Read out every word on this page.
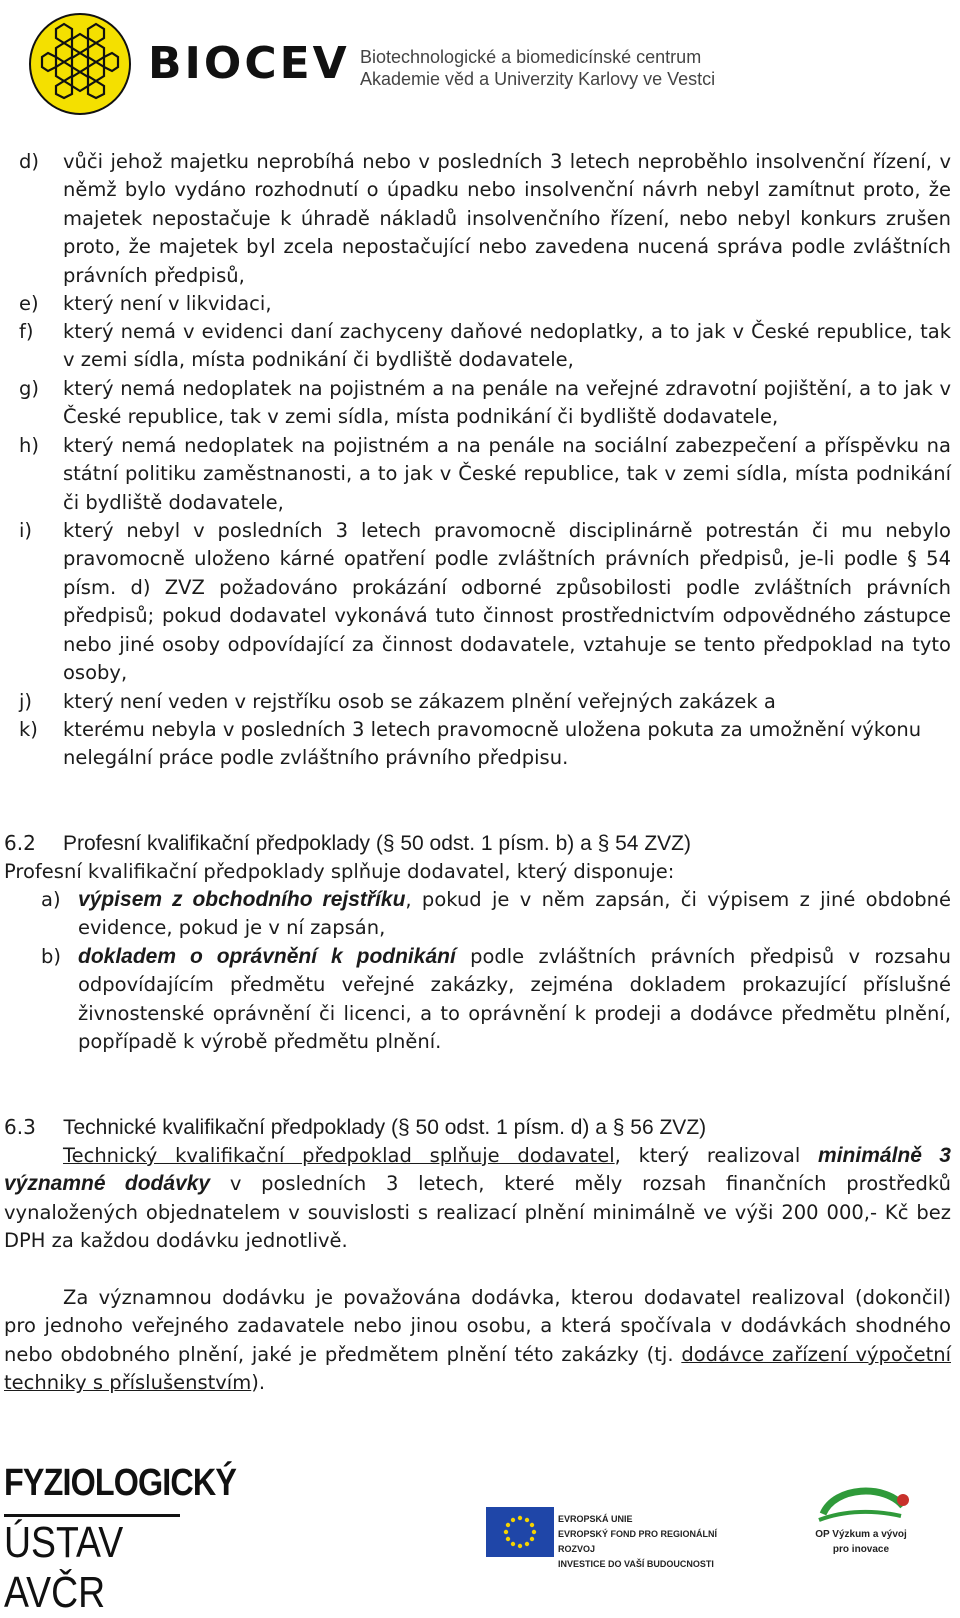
BIOCEV Biotechnologické a biomedicínské centrum
Akademie věd a Univerzity Karlovy ve Vestci
d) vůči jehož majetku neprobíhá nebo v posledních 3 letech neproběhlo insolvenční řízení, v němž bylo vydáno rozhodnutí o úpadku nebo insolvenční návrh nebyl zamítnut proto, že majetek nepostačuje k úhradě nákladů insolvenčního řízení, nebo nebyl konkurs zrušen proto, že majetek byl zcela nepostačující nebo zavedena nucená správa podle zvláštních právních předpisů,
e) který není v likvidaci,
f) který nemá v evidenci daní zachyceny daňové nedoplatky, a to jak v České republice, tak v zemi sídla, místa podnikání či bydliště dodavatele,
g) který nemá nedoplatek na pojistném a na penále na veřejné zdravotní pojištění, a to jak v České republice, tak v zemi sídla, místa podnikání či bydliště dodavatele,
h) který nemá nedoplatek na pojistném a na penále na sociální zabezpečení a příspěvku na státní politiku zaměstnanosti, a to jak v České republice, tak v zemi sídla, místa podnikání či bydliště dodavatele,
i) který nebyl v posledních 3 letech pravomocně disciplinárně potrestán či mu nebylo pravomocně uloženo kárné opatření podle zvláštních právních předpisů, je-li podle § 54 písm. d) ZVZ požadováno prokázání odborné způsobilosti podle zvláštních právních předpisů; pokud dodavatel vykonává tuto činnost prostřednictvím odpovědného zástupce nebo jiné osoby odpovídající za činnost dodavatele, vztahuje se tento předpoklad na tyto osoby,
j) který není veden v rejstříku osob se zákazem plnění veřejných zakázek a
k) kterému nebyla v posledních 3 letech pravomocně uložena pokuta za umožnění výkonu nelegální práce podle zvláštního právního předpisu.
6.2 Profesní kvalifikační předpoklady (§ 50 odst. 1 písm. b) a § 54 ZVZ)
Profesní kvalifikační předpoklady splňuje dodavatel, který disponuje:
a) výpisem z obchodního rejstříku, pokud je v něm zapsán, či výpisem z jiné obdobné evidence, pokud je v ní zapsán,
b) dokladem o oprávnění k podnikání podle zvláštních právních předpisů v rozsahu odpovídajícím předmětu veřejné zakázky, zejména dokladem prokazující příslušné živnostenské oprávnění či licenci, a to oprávnění k prodeji a dodávce předmětu plnění, popřípadě k výrobě předmětu plnění.
6.3 Technické kvalifikační předpoklady (§ 50 odst. 1 písm. d) a § 56 ZVZ)
Technický kvalifikační předpoklad splňuje dodavatel, který realizoval minimálně 3 významné dodávky v posledních 3 letech, které měly rozsah finančních prostředků vynaložených objednatelem v souvislosti s realizací plnění minimálně ve výši 200 000,- Kč bez DPH za každou dodávku jednotlivě.
Za významnou dodávku je považována dodávka, kterou dodavatel realizoval (dokončil) pro jednoho veřejného zadavatele nebo jinou osobu, a která spočívala v dodávkách shodného nebo obdobného plnění, jaké je předmětem plnění této zakázky (tj. dodávce zařízení výpočetní techniky s příslušenstvím).
FYZIOLOGICKÝ
ÚSTAV AVČR
EVROPSKÁ UNIE
EVROPSKÝ FOND PRO REGIONÁLNÍ ROZVOJ
INVESTICE DO VAŠÍ BUDOUCNOSTI
OP Výzkum a vývoj
pro inovace
